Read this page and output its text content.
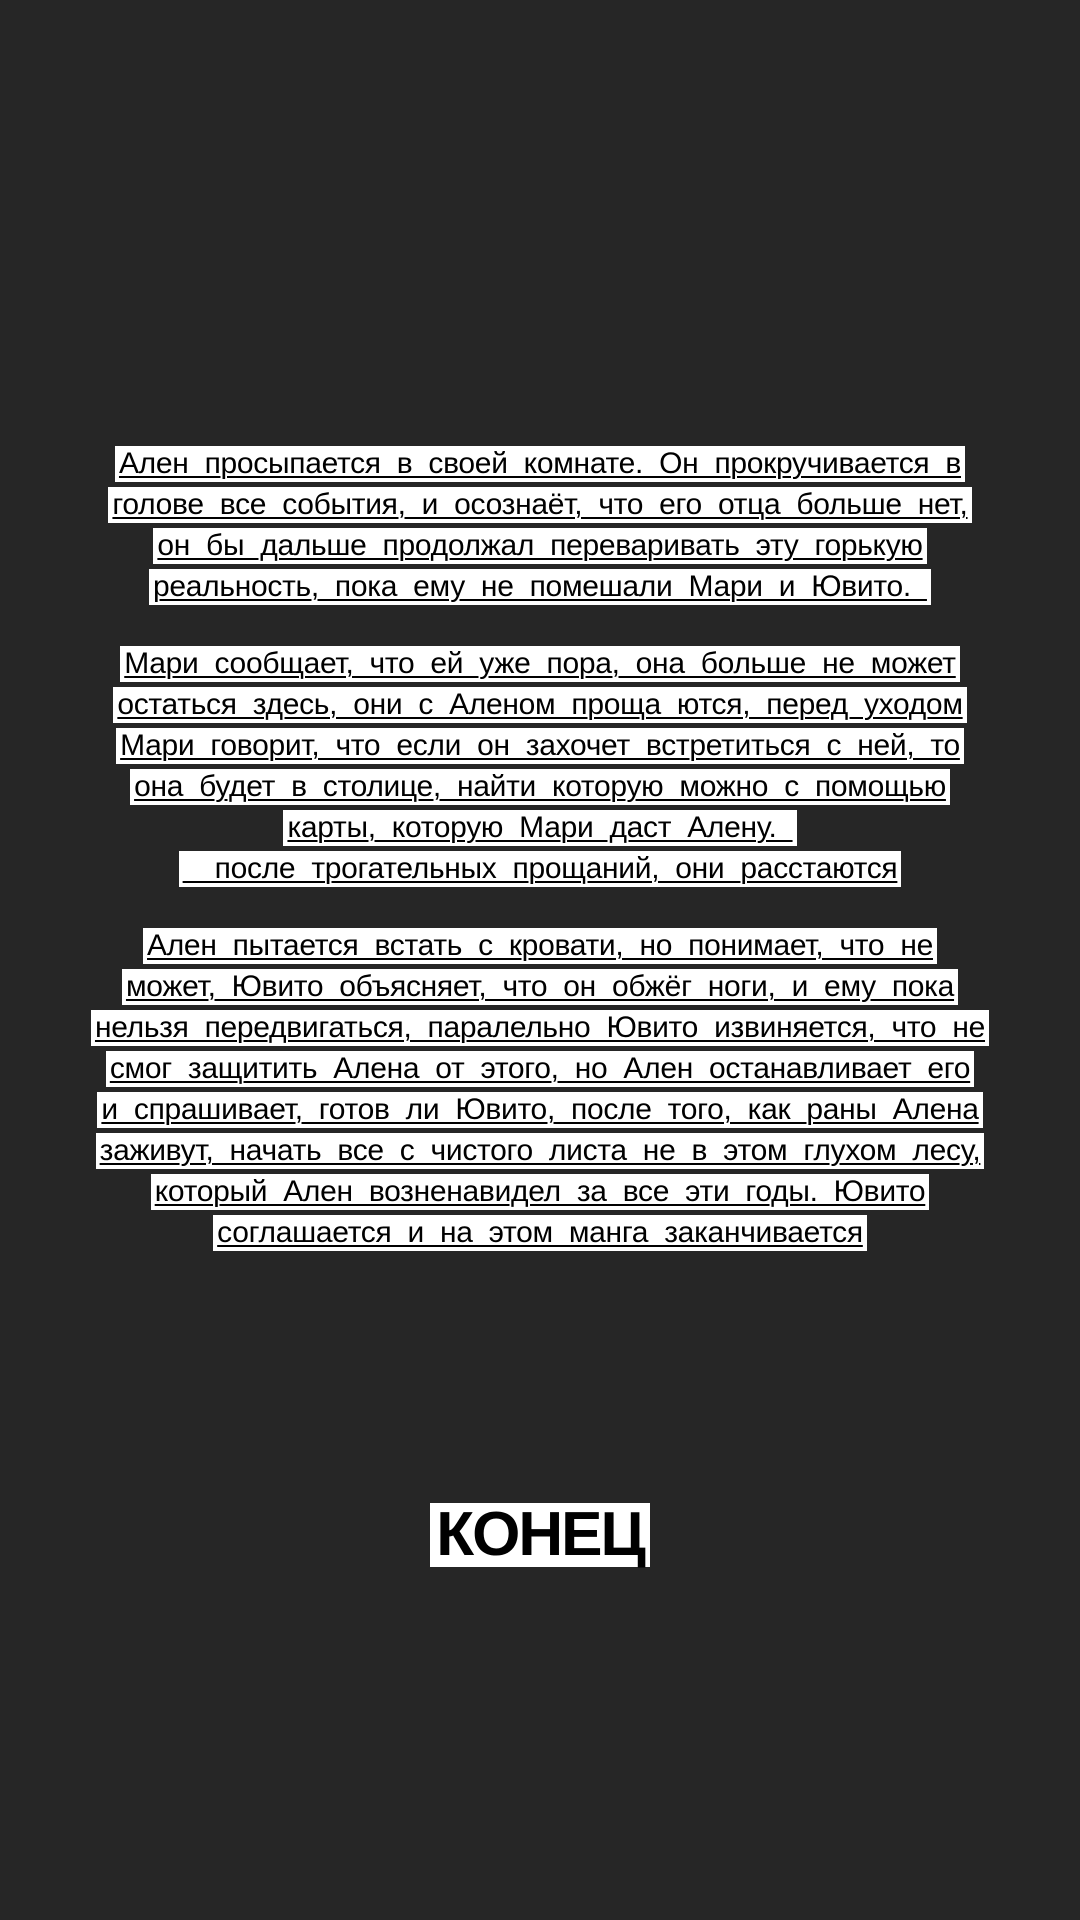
Ален просыпается в своей комнате. Он прокручивается в
голове все события, и осознаёт, что его отца больше нет,
он бы дальше продолжал переваривать эту горькую
реальность, пока ему не помешали Мари и Ювито.
Мари сообщает, что ей уже пора, она больше не может
остаться здесь, они с Аленом проща ются, перед уходом
Мари говорит, что если он захочет встретиться с ней, то
она будет в столице, найти которую можно с помощью
карты, которую Мари даст Алену.
после трогательных прощаний, они расстаются
Ален пытается встать с кровати, но понимает, что не
может, Ювито объясняет, что он обжёг ноги, и ему пока
нельзя передвигаться, паралельно Ювито извиняется, что не
смог защитить Алена от этого, но Ален останавливает его
и спрашивает, готов ли Ювито, после того, как раны Алена
заживут, начать все с чистого листа не в этом глухом лесу,
который Ален возненавидел за все эти годы. Ювито
соглашается и на этом манга заканчивается
КОНЕЦ
